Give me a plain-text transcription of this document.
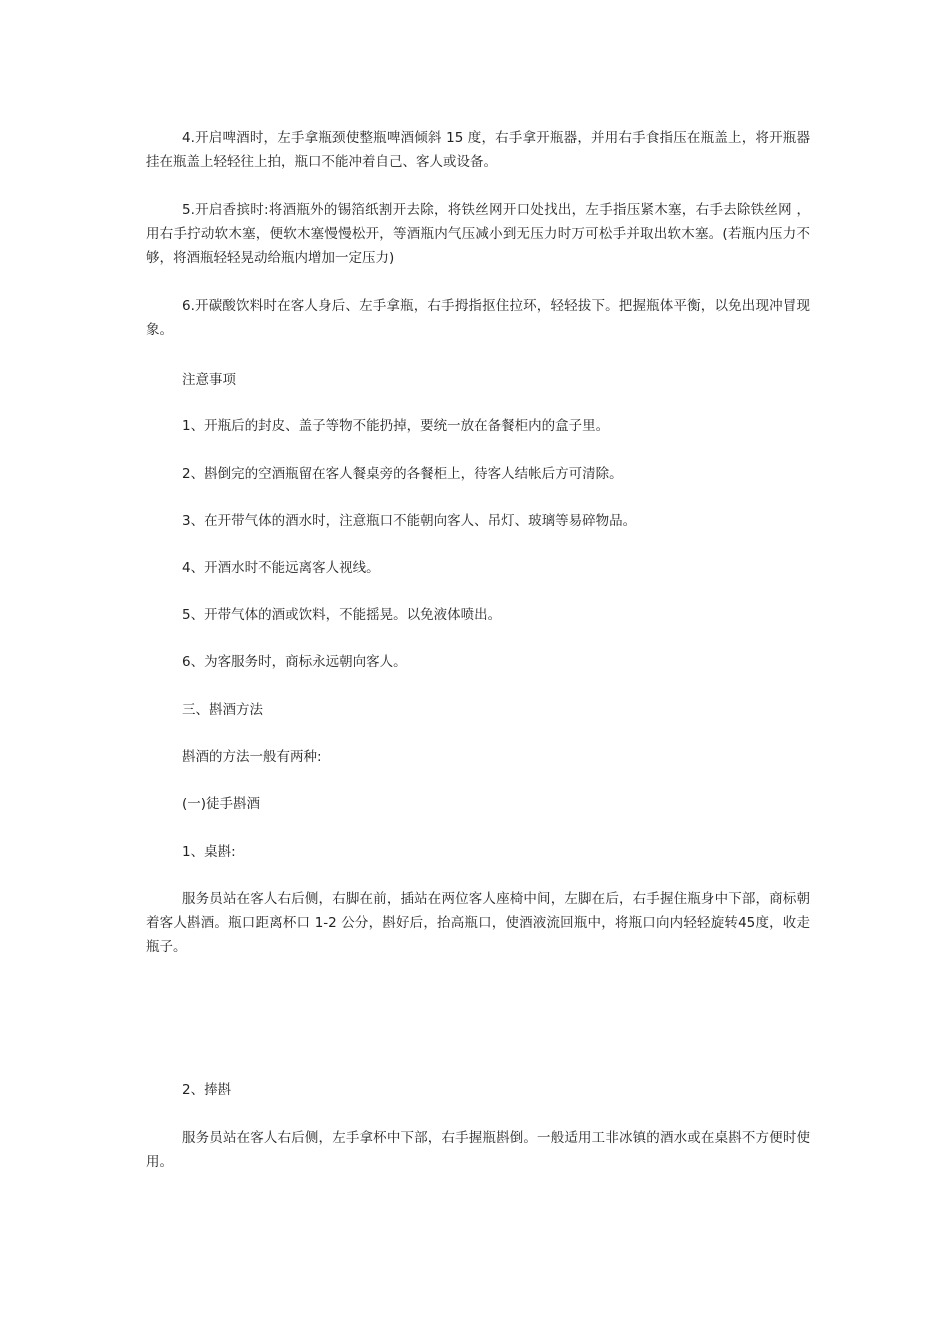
4.开启啤酒时，左手拿瓶颈使整瓶啤酒倾斜 15 度，右手拿开瓶器，并用右手食指压在瓶盖上，将开瓶器挂在瓶盖上轻轻往上拍，瓶口不能冲着自己、客人或设备。

5.开启香摈时:将酒瓶外的锡箔纸割开去除，将铁丝网开口处找出，左手指压紧木塞，右手去除铁丝网 ，用右手拧动软木塞，便软木塞慢慢松开，等酒瓶内气压减小到无压力时万可松手并取出软木塞。(若瓶内压力不够，将酒瓶轻轻晃动给瓶内增加一定压力)

6.开碳酸饮料时在客人身后、左手拿瓶，右手拇指抠住拉环，轻轻拔下。把握瓶体平衡，以免出现冲冒现象。

注意事项

1、开瓶后的封皮、盖子等物不能扔掉，要统一放在备餐柜内的盒子里。

2、斟倒完的空酒瓶留在客人餐桌旁的各餐柜上，待客人结帐后方可清除。

3、在开带气体的酒水时，注意瓶口不能朝向客人、吊灯、玻璃等易碎物品。

4、开酒水时不能远离客人视线。

5、开带气体的酒或饮料，不能摇晃。以免液体喷出。

6、为客服务时，商标永远朝向客人。

三、斟酒方法

斟酒的方法一般有两种:

(一)徒手斟酒

1、桌斟:

服务员站在客人右后侧，右脚在前，插站在两位客人座椅中间，左脚在后，右手握住瓶身中下部，商标朝着客人斟酒。瓶口距离杯口 1-2 公分，斟好后，抬高瓶口，使酒液流回瓶中，将瓶口向内轻轻旋转45度，收走瓶子。

2、捧斟

服务员站在客人右后侧，左手拿杯中下部，右手握瓶斟倒。一般适用工非冰镇的酒水或在桌斟不方便时使用。
